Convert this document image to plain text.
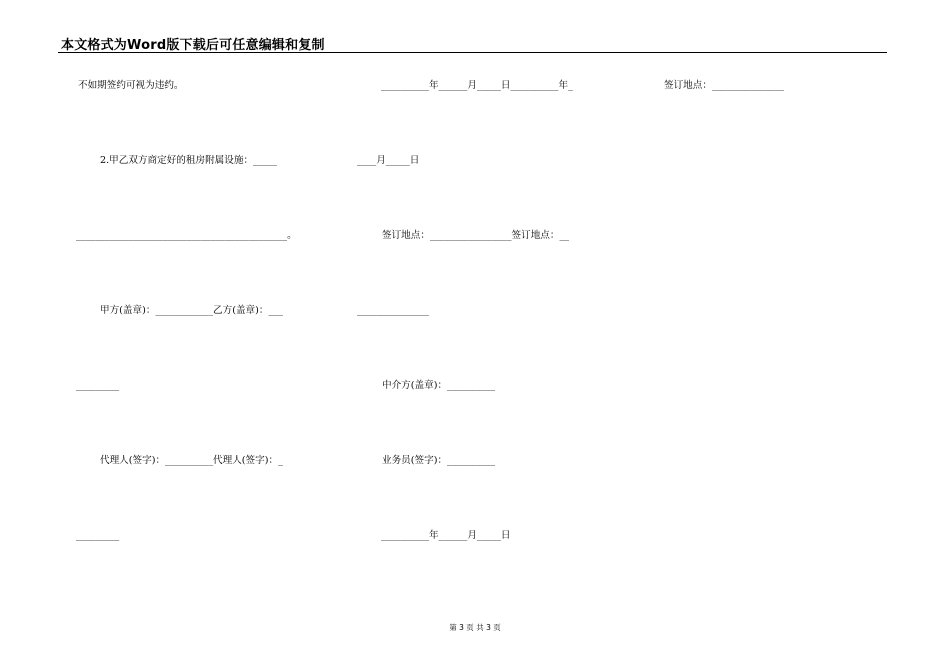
本文格式为Word版下载后可任意编辑和复制
不如期签约可视为违约。
2.甲乙双方商定好的租房附属设施：_____
____________________________________________。
甲方(盖章)：____________乙方(盖章)：___
_________
代理人(签字)：__________代理人(签字)：_
_________
__________年______月_____日__________年_
____月_____日
签订地点：_________________签订地点：__
_______________
中介方(盖章)：__________
业务员(签字)：__________
__________年______月_____日
签订地点：_______________
第 3 页 共 3 页
